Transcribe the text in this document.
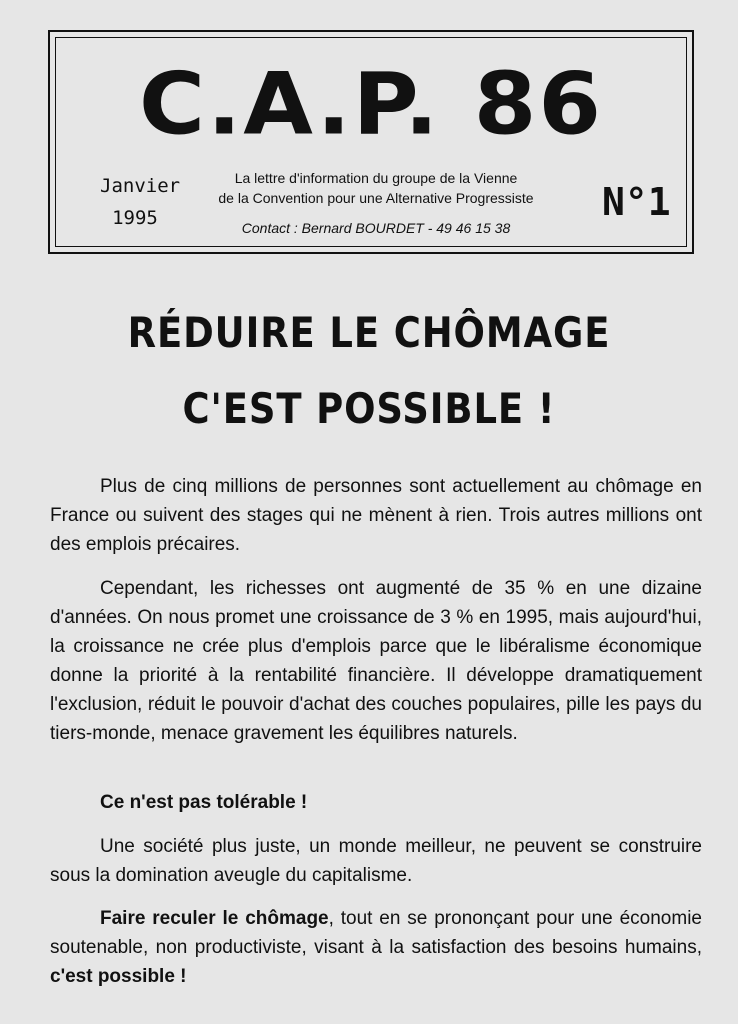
C.A.P. 86
Janvier
1995
La lettre d'information du groupe de la Vienne
de la Convention pour une Alternative Progressiste
Contact : Bernard BOURDET - 49 46 15 38
N°1
RÉDUIRE LE CHÔMAGE
C'EST POSSIBLE !

Plus de cinq millions de personnes sont actuellement au chômage en France ou suivent des stages qui ne mènent à rien. Trois autres millions ont des emplois précaires.

Cependant, les richesses ont augmenté de 35 % en une dizaine d'années. On nous promet une croissance de 3 % en 1995, mais aujourd'hui, la croissance ne crée plus d'emplois parce que le libéralisme économique donne la priorité à la rentabilité financière. Il développe dramatiquement l'exclusion, réduit le pouvoir d'achat des couches populaires, pille les pays du tiers-monde, menace gravement les équilibres naturels.

Ce n'est pas tolérable !

Une société plus juste, un monde meilleur, ne peuvent se construire sous la domination aveugle du capitalisme.

Faire reculer le chômage, tout en se prononçant pour une économie soutenable, non productiviste, visant à la satisfaction des besoins humains, c'est possible !
